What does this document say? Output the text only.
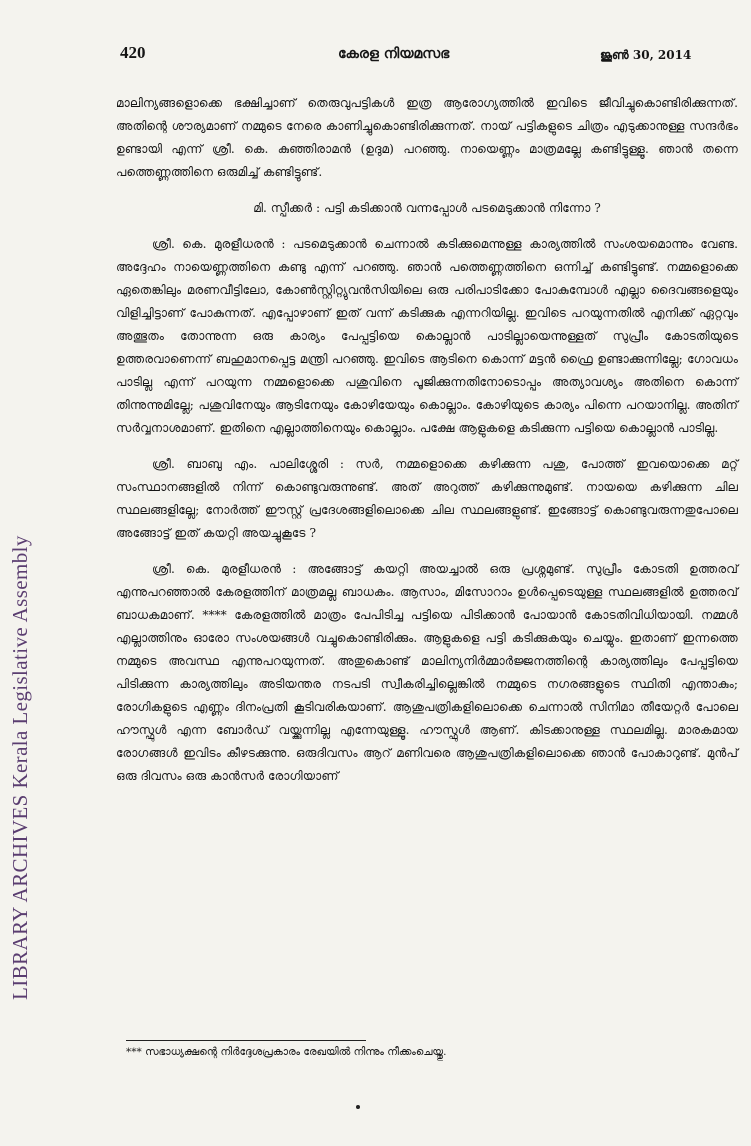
LIBRARY ARCHIVES Kerala Legislative Assembly
420	കേരള നിയമസഭ	ജൂൺ 30, 2014

മാലിന്യങ്ങളൊക്കെ ഭക്ഷിച്ചാണ് തെരുവുപട്ടികൾ ഇത്ര ആരോഗ്യത്തിൽ ഇവിടെ ജീവിച്ചുകൊണ്ടിരിക്കുന്നത്. അതിന്റെ ശൗര്യമാണ് നമ്മുടെ നേരെ കാണിച്ചുകൊണ്ടിരിക്കുന്നത്. നായ് പട്ടികളുടെ ചിത്രം എടുക്കാനുള്ള സന്ദർഭം ഉണ്ടായി എന്ന് ശ്രീ. കെ. കുഞ്ഞിരാമൻ (ഉദുമ) പറഞ്ഞു. നായെണ്ണം മാത്രമല്ലേ കണ്ടിട്ടുള്ളൂ. ഞാൻ തന്നെ പത്തെണ്ണത്തിനെ ഒരുമിച്ച് കണ്ടിട്ടുണ്ട്.

മി. സ്പീക്കർ : പട്ടി കടിക്കാൻ വന്നപ്പോൾ പടമെടുക്കാൻ നിന്നോ ?

ശ്രീ. കെ. മുരളീധരൻ : പടമെടുക്കാൻ ചെന്നാൽ കടിക്കുമെന്നുള്ള കാര്യത്തിൽ സംശയമൊന്നും വേണ്ട. അദ്ദേഹം നായെണ്ണത്തിനെ കണ്ടു എന്ന് പറഞ്ഞു. ഞാൻ പത്തെണ്ണത്തിനെ ഒന്നിച്ച് കണ്ടിട്ടുണ്ട്. നമ്മളൊക്കെ ഏതെങ്കിലും മരണവീട്ടിലോ, കോൺസ്റ്റിറ്റ്യുവൻസിയിലെ ഒരു പരിപാടിക്കോ പോകുമ്പോൾ എല്ലാ ദൈവങ്ങളെയും വിളിച്ചിട്ടാണ് പോകുന്നത്. എപ്പോഴാണ് ഇത് വന്ന് കടിക്കുക എന്നറിയില്ല. ഇവിടെ പറയുന്നതിൽ എനിക്ക് ഏറ്റവും അത്ഭുതം തോന്നുന്ന ഒരു കാര്യം പേപ്പട്ടിയെ കൊല്ലാൻ പാടില്ലായെന്നുള്ളത് സുപ്രീം കോടതിയുടെ ഉത്തരവാണെന്ന് ബഹുമാനപ്പെട്ട മന്ത്രി പറഞ്ഞു. ഇവിടെ ആടിനെ കൊന്ന് മട്ടൻ ഫ്രൈ ഉണ്ടാക്കുന്നില്ലേ; ഗോവധം പാടില്ല എന്ന് പറയുന്ന നമ്മളൊക്കെ പശുവിനെ പൂജിക്കുന്നതിനോടൊപ്പം അത്യാവശ്യം അതിനെ കൊന്ന് തിന്നുന്നുമില്ലേ; പശുവിനേയും ആടിനേയും കോഴിയേയും കൊല്ലാം. കോഴിയുടെ കാര്യം പിന്നെ പറയാനില്ല. അതിന് സർവ്വനാശമാണ്. ഇതിനെ എല്ലാത്തിനെയും കൊല്ലാം. പക്ഷേ ആളുകളെ കടിക്കുന്ന പട്ടിയെ കൊല്ലാൻ പാടില്ല.

ശ്രീ. ബാബു എം. പാലിശ്ശേരി : സർ, നമ്മളൊക്കെ കഴിക്കുന്ന പശു, പോത്ത് ഇവയൊക്കെ മറ്റ് സംസ്ഥാനങ്ങളിൽ നിന്ന് കൊണ്ടുവരുന്നുണ്ട്. അത് അറുത്ത് കഴിക്കുന്നുമുണ്ട്. നായയെ കഴിക്കുന്ന ചില സ്ഥലങ്ങളില്ലേ; നോർത്ത് ഈസ്റ്റ് പ്രദേശങ്ങളിലൊക്കെ ചില സ്ഥലങ്ങളുണ്ട്. ഇങ്ങോട്ട് കൊണ്ടുവരുന്നതുപോലെ അങ്ങോട്ട് ഇത് കയറ്റി അയച്ചുകൂടേ ?

ശ്രീ. കെ. മുരളീധരൻ : അങ്ങോട്ട് കയറ്റി അയച്ചാൽ ഒരു പ്രശ്നമുണ്ട്. സുപ്രീം കോടതി ഉത്തരവ് എന്നുപറഞ്ഞാൽ കേരളത്തിന് മാത്രമല്ല ബാധകം. ആസാം, മിസോറാം ഉൾപ്പെടെയുള്ള സ്ഥലങ്ങളിൽ ഉത്തരവ് ബാധകമാണ്. **** കേരളത്തിൽ മാത്രം പേപിടിച്ച പട്ടിയെ പിടിക്കാൻ പോയാൻ കോടതിവിധിയായി. നമ്മൾ എല്ലാത്തിനും ഓരോ സംശയങ്ങൾ വച്ചുകൊണ്ടിരിക്കും. ആളുകളെ പട്ടി കടിക്കുകയും ചെയ്യും. ഇതാണ് ഇന്നത്തെ നമ്മുടെ അവസ്ഥ എന്നുപറയുന്നത്. അതുകൊണ്ട് മാലിന്യനിർമ്മാർജ്ജനത്തിന്റെ കാര്യത്തിലും പേപ്പട്ടിയെ പിടിക്കുന്ന കാര്യത്തിലും അടിയന്തര നടപടി സ്വീകരിച്ചില്ലെങ്കിൽ നമ്മുടെ നഗരങ്ങളുടെ സ്ഥിതി എന്താകും; രോഗികളുടെ എണ്ണം ദിനംപ്രതി കൂടിവരികയാണ്. ആശുപത്രികളിലൊക്കെ ചെന്നാൽ സിനിമാ തീയേറ്റർ പോലെ ഹൗസ്ഫുൾ എന്ന ബോർഡ് വയ്ക്കുന്നില്ല എന്നേയുള്ളൂ. ഹൗസ്ഫുൾ ആണ്. കിടക്കാനുള്ള സ്ഥലമില്ല. മാരകമായ രോഗങ്ങൾ ഇവിടം കീഴടക്കുന്നു. ഒരുദിവസം ആറ് മണിവരെ ആശുപത്രികളിലൊക്കെ ഞാൻ പോകാറുണ്ട്. മുൻപ് ഒരു ദിവസം ഒരു കാൻസർ രോഗിയാണ്

*** സഭാധ്യക്ഷന്റെ നിർദ്ദേശപ്രകാരം രേഖയിൽ നിന്നും നീക്കംചെയ്തു.
